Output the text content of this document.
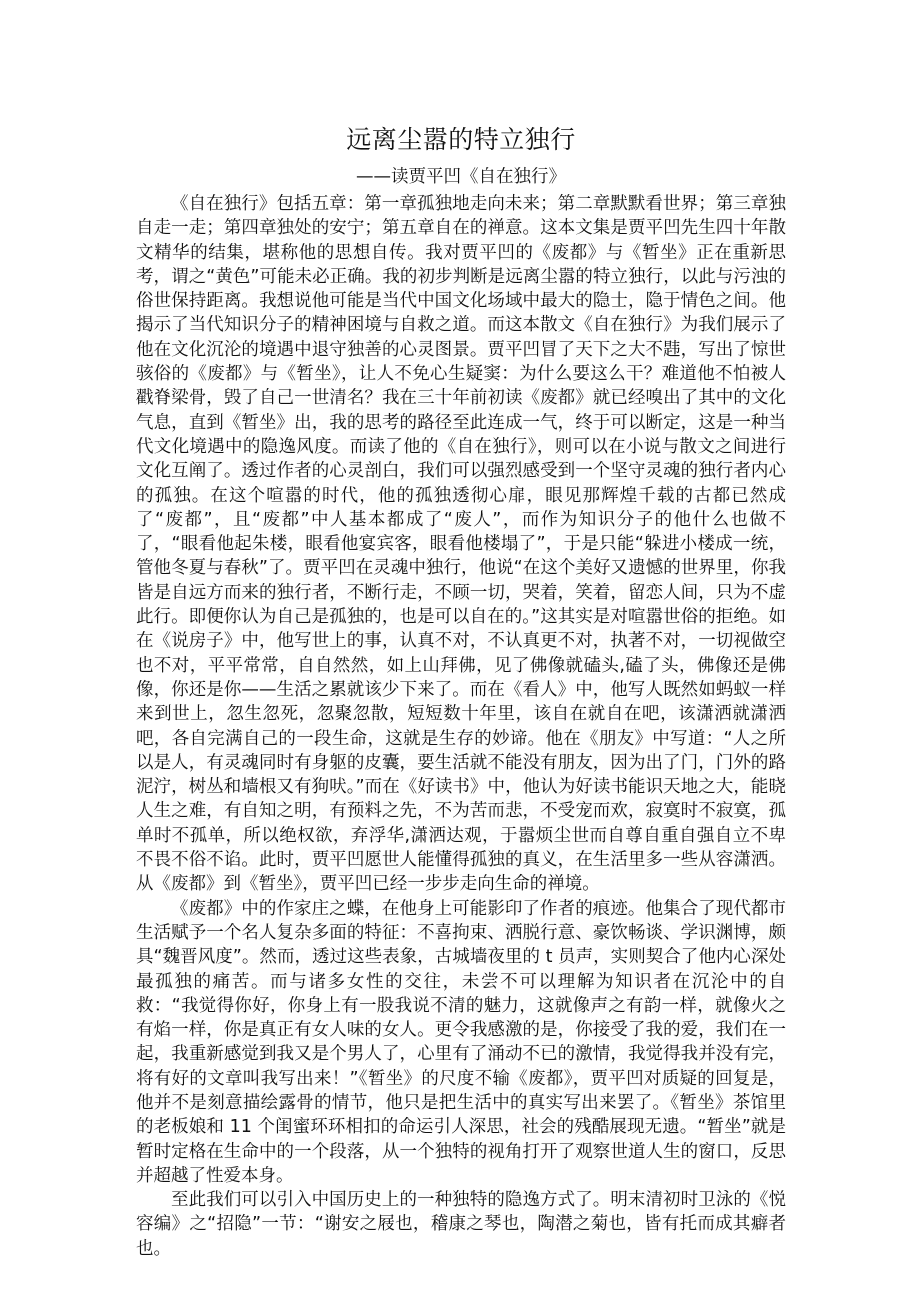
远离尘嚣的特立独行

——读贾平凹《自在独行》

《自在独行》包括五章：第一章孤独地走向未来；第二章默默看世界；第三章独自走一走；第四章独处的安宁；第五章自在的禅意。这本文集是贾平凹先生四十年散文精华的结集，堪称他的思想自传。我对贾平凹的《废都》与《暂坐》正在重新思考，谓之“黄色”可能未必正确。我的初步判断是远离尘嚣的特立独行，以此与污浊的俗世保持距离。我想说他可能是当代中国文化场域中最大的隐士，隐于情色之间。他揭示了当代知识分子的精神困境与自救之道。而这本散文《自在独行》为我们展示了他在文化沉沦的境遇中退守独善的心灵图景。贾平凹冒了天下之大不韪，写出了惊世骇俗的《废都》与《暂坐》，让人不免心生疑窦：为什么要这么干？难道他不怕被人戳脊梁骨，毁了自己一世清名？我在三十年前初读《废都》就已经嗅出了其中的文化气息，直到《暂坐》出，我的思考的路径至此连成一气，终于可以断定，这是一种当代文化境遇中的隐逸风度。而读了他的《自在独行》，则可以在小说与散文之间进行文化互阐了。透过作者的心灵剖白，我们可以强烈感受到一个坚守灵魂的独行者内心的孤独。在这个喧嚣的时代，他的孤独透彻心扉，眼见那辉煌千载的古都已然成了“废都”，且“废都”中人基本都成了“废人”，而作为知识分子的他什么也做不了，“眼看他起朱楼，眼看他宴宾客，眼看他楼塌了”，于是只能“躲进小楼成一统，管他冬夏与春秋”了。贾平凹在灵魂中独行，他说“在这个美好又遗憾的世界里，你我皆是自远方而来的独行者，不断行走，不顾一切，哭着，笑着，留恋人间，只为不虚此行。即便你认为自己是孤独的，也是可以自在的。”这其实是对喧嚣世俗的拒绝。如在《说房子》中，他写世上的事，认真不对，不认真更不对，执著不对，一切视做空也不对，平平常常，自自然然，如上山拜佛，见了佛像就磕头,磕了头，佛像还是佛像，你还是你——生活之累就该少下来了。而在《看人》中，他写人既然如蚂蚁一样来到世上，忽生忽死，忽聚忽散，短短数十年里，该自在就自在吧，该潇洒就潇洒吧，各自完满自己的一段生命，这就是生存的妙谛。他在《朋友》中写道：“人之所以是人，有灵魂同时有身躯的皮囊，要生活就不能没有朋友，因为出了门，门外的路泥泞，树丛和墙根又有狗吠。”而在《好读书》中，他认为好读书能识天地之大，能晓人生之难，有自知之明，有预料之先，不为苦而悲，不受宠而欢，寂寞时不寂寞，孤单时不孤单，所以绝权欲，弃浮华,潇洒达观，于嚣烦尘世而自尊自重自强自立不卑不畏不俗不谄。此时，贾平凹愿世人能懂得孤独的真义，在生活里多一些从容潇洒。从《废都》到《暂坐》，贾平凹已经一步步走向生命的禅境。

《废都》中的作家庄之蝶，在他身上可能影印了作者的痕迹。他集合了现代都市生活赋予一个名人复杂多面的特征：不喜拘束、洒脱行意、豪饮畅谈、学识渊博，颇具“魏晋风度”。然而，透过这些表象，古城墙夜里的 t 员声，实则契合了他内心深处最孤独的痛苦。而与诸多女性的交往，未尝不可以理解为知识者在沉沦中的自救：“我觉得你好，你身上有一股我说不清的魅力，这就像声之有韵一样，就像火之有焰一样，你是真正有女人味的女人。更令我感激的是，你接受了我的爱，我们在一起，我重新感觉到我又是个男人了，心里有了涌动不已的激情，我觉得我并没有完，将有好的文章叫我写出来！”《暂坐》的尺度不输《废都》，贾平凹对质疑的回复是，他并不是刻意描绘露骨的情节，他只是把生活中的真实写出来罢了。《暂坐》茶馆里的老板娘和 11 个闺蜜环环相扣的命运引人深思，社会的残酷展现无遗。“暂坐”就是暂时定格在生命中的一个段落，从一个独特的视角打开了观察世道人生的窗口，反思并超越了性爱本身。

至此我们可以引入中国历史上的一种独特的隐逸方式了。明末清初时卫泳的《悦容编》之“招隐”一节：“谢安之屐也，稽康之琴也，陶潜之菊也，皆有托而成其癖者也。
